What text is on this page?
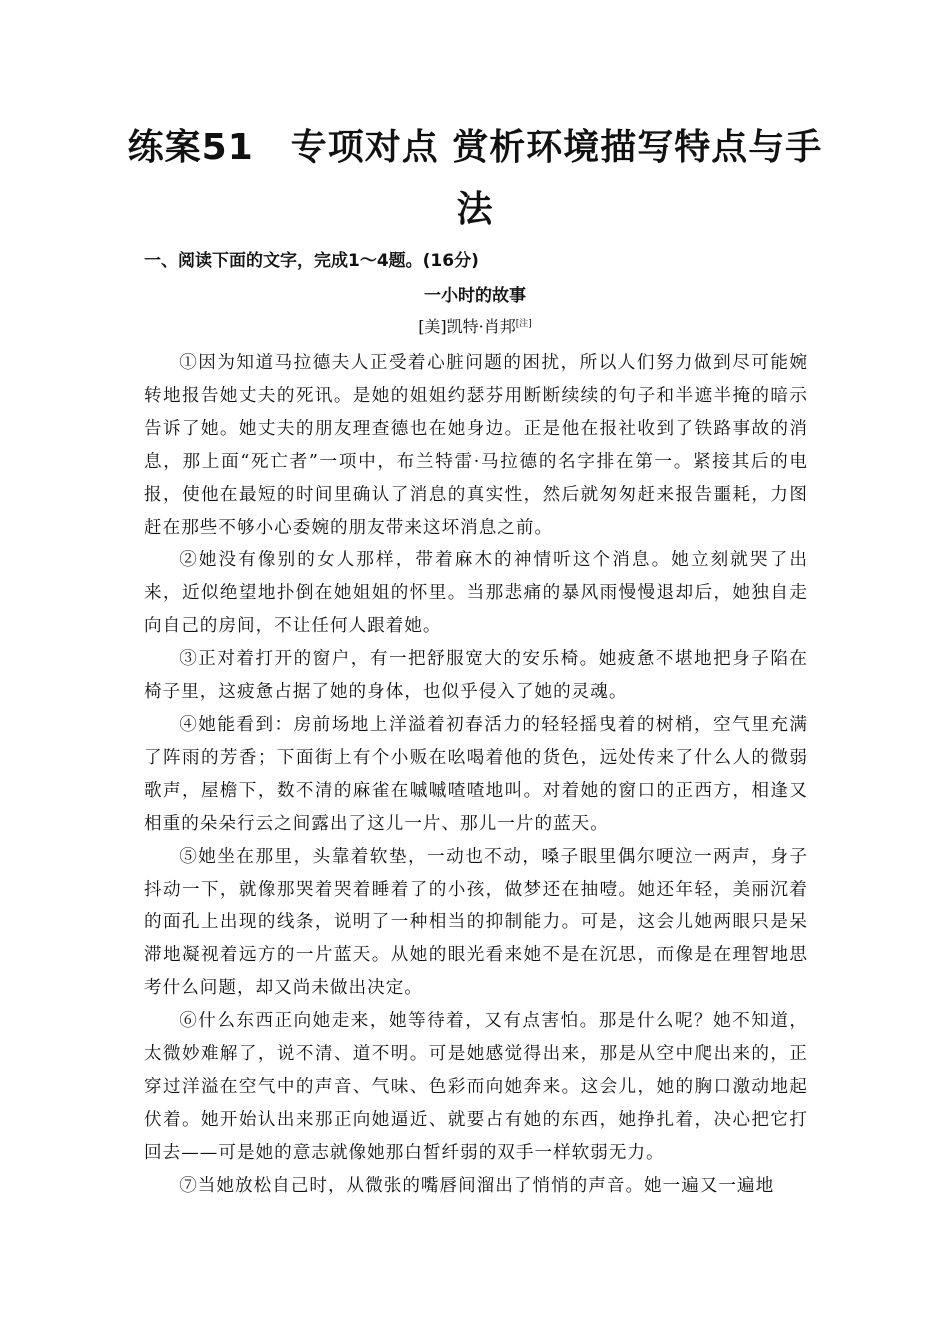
练案51　专项对点 赏析环境描写特点与手
法
一、阅读下面的文字，完成1～4题。(16分)
一小时的故事
[美]凯特·肖邦[注]

①因为知道马拉德夫人正受着心脏问题的困扰，所以人们努力做到尽可能婉转地报告她丈夫的死讯。是她的姐姐约瑟芬用断断续续的句子和半遮半掩的暗示告诉了她。她丈夫的朋友理查德也在她身边。正是他在报社收到了铁路事故的消息，那上面“死亡者”一项中，布兰特雷·马拉德的名字排在第一。紧接其后的电报，使他在最短的时间里确认了消息的真实性，然后就匆匆赶来报告噩耗，力图赶在那些不够小心委婉的朋友带来这坏消息之前。

②她没有像别的女人那样，带着麻木的神情听这个消息。她立刻就哭了出来，近似绝望地扑倒在她姐姐的怀里。当那悲痛的暴风雨慢慢退却后，她独自走向自己的房间，不让任何人跟着她。

③正对着打开的窗户，有一把舒服宽大的安乐椅。她疲惫不堪地把身子陷在椅子里，这疲惫占据了她的身体，也似乎侵入了她的灵魂。

④她能看到：房前场地上洋溢着初春活力的轻轻摇曳着的树梢，空气里充满了阵雨的芳香；下面街上有个小贩在吆喝着他的货色，远处传来了什么人的微弱歌声，屋檐下，数不清的麻雀在嘁嘁喳喳地叫。对着她的窗口的正西方，相逢又相重的朵朵行云之间露出了这儿一片、那儿一片的蓝天。

⑤她坐在那里，头靠着软垫，一动也不动，嗓子眼里偶尔哽泣一两声，身子抖动一下，就像那哭着哭着睡着了的小孩，做梦还在抽噎。她还年轻，美丽沉着的面孔上出现的线条，说明了一种相当的抑制能力。可是，这会儿她两眼只是呆滞地凝视着远方的一片蓝天。从她的眼光看来她不是在沉思，而像是在理智地思考什么问题，却又尚未做出决定。

⑥什么东西正向她走来，她等待着，又有点害怕。那是什么呢？她不知道，太微妙难解了，说不清、道不明。可是她感觉得出来，那是从空中爬出来的，正穿过洋溢在空气中的声音、气味、色彩而向她奔来。这会儿，她的胸口激动地起伏着。她开始认出来那正向她逼近、就要占有她的东西，她挣扎着，决心把它打回去——可是她的意志就像她那白皙纤弱的双手一样软弱无力。

⑦当她放松自己时，从微张的嘴唇间溜出了悄悄的声音。她一遍又一遍地
